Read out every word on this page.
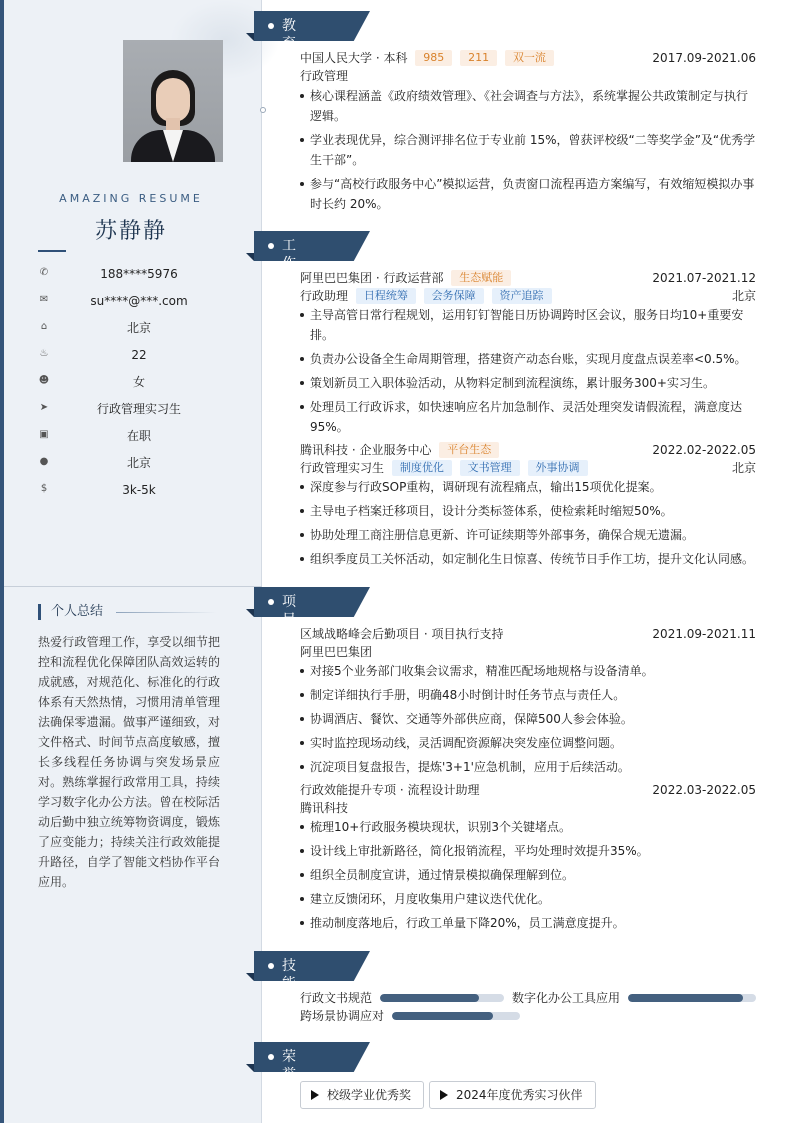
AMAZING RESUME
苏静静
✆	188****5976
✉	su****@***.com
⌂	北京
♨	22
☻	女
➤	行政管理实习生
▣	在职
●	北京
$	3k-5k
个人总结
热爱行政管理工作，享受以细节把控和流程优化保障团队高效运转的成就感，对规范化、标准化的行政体系有天然热情，习惯用清单管理法确保零遗漏。做事严谨细致，对文件格式、时间节点高度敏感，擅长多线程任务协调与突发场景应对。熟练掌握行政常用工具，持续学习数字化办公方法。曾在校际活动后勤中独立统筹物资调度，锻炼了应变能力；持续关注行政效能提升路径，自学了智能文档协作平台应用。
教育经历
中国人民大学 · 本科 985 211 双一流	2017.09-2021.06
行政管理
核心课程涵盖《政府绩效管理》、《社会调查与方法》，系统掌握公共政策制定与执行逻辑。
学业表现优异，综合测评排名位于专业前 15%，曾获评校级“二等奖学金”及“优秀学生干部”。
参与“高校行政服务中心”模拟运营，负责窗口流程再造方案编写，有效缩短模拟办事时长约 20%。
工作经历
阿里巴巴集团 · 行政运营部 生态赋能	2021.07-2021.12
行政助理 日程统筹 会务保障 资产追踪	北京
主导高管日常行程规划，运用钉钉智能日历协调跨时区会议，服务日均10+重要安排。
负责办公设备全生命周期管理，搭建资产动态台账，实现月度盘点误差率<0.5%。
策划新员工入职体验活动，从物料定制到流程演练，累计服务300+实习生。
处理员工行政诉求，如快速响应名片加急制作、灵活处理突发请假流程，满意度达95%。
腾讯科技 · 企业服务中心 平台生态	2022.02-2022.05
行政管理实习生 制度优化 文书管理 外事协调	北京
深度参与行政SOP重构，调研现有流程痛点，输出15项优化提案。
主导电子档案迁移项目，设计分类标签体系，使检索耗时缩短50%。
协助处理工商注册信息更新、许可证续期等外部事务，确保合规无遗漏。
组织季度员工关怀活动，如定制化生日惊喜、传统节日手作工坊，提升文化认同感。
项目经历
区域战略峰会后勤项目 · 项目执行支持	2021.09-2021.11
阿里巴巴集团
对接5个业务部门收集会议需求，精准匹配场地规格与设备清单。
制定详细执行手册，明确48小时倒计时任务节点与责任人。
协调酒店、餐饮、交通等外部供应商，保障500人参会体验。
实时监控现场动线，灵活调配资源解决突发座位调整问题。
沉淀项目复盘报告，提炼'3+1'应急机制，应用于后续活动。
行政效能提升专项 · 流程设计助理	2022.03-2022.05
腾讯科技
梳理10+行政服务模块现状，识别3个关键堵点。
设计线上审批新路径，简化报销流程，平均处理时效提升35%。
组织全员制度宣讲，通过情景模拟确保理解到位。
建立反馈闭环，月度收集用户建议迭代优化。
推动制度落地后，行政工单量下降20%，员工满意度提升。
技能专长
行政文书规范	数字化办公工具应用
跨场景协调应对
荣誉奖项
校级学业优秀奖	2024年度优秀实习伙伴
